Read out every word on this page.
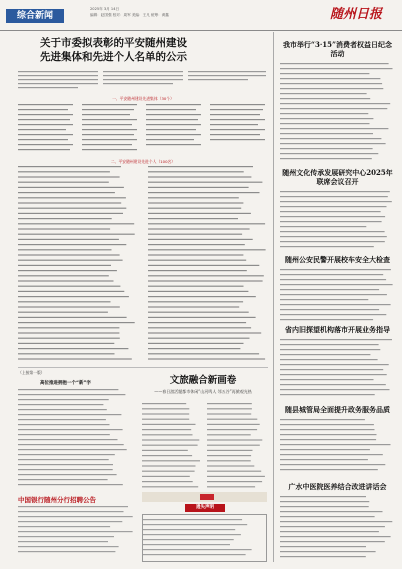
综合新闻
2025年 3月 14日
编辑：赵国强 校对：周军 美编：王凡 统筹：黄鑫	随州日报
关于市委拟表彰的平安随州建设
先进集体和先进个人名单的公示
一、平安随州建设先进集体（30个）
二、平安随州建设先进个人（100名）
（上接第一版）
高位推进拥抱一个“新”字
中国银行随州分行招聘公告
文旅融合新画卷
——春日游活题都市休闲“山河鸣人 邻五谷”再掀观光热
遗失声明
我市举行“3·15”消费者权益日纪念活动
随州文化传承发展研究中心2025年联席会议召开
随州公安民警开展校车安全大检查
省内旧探望机构落市开展业务指导
随县城管局全面提升政务服务品质
广水中医院医养结合改进讲话会
